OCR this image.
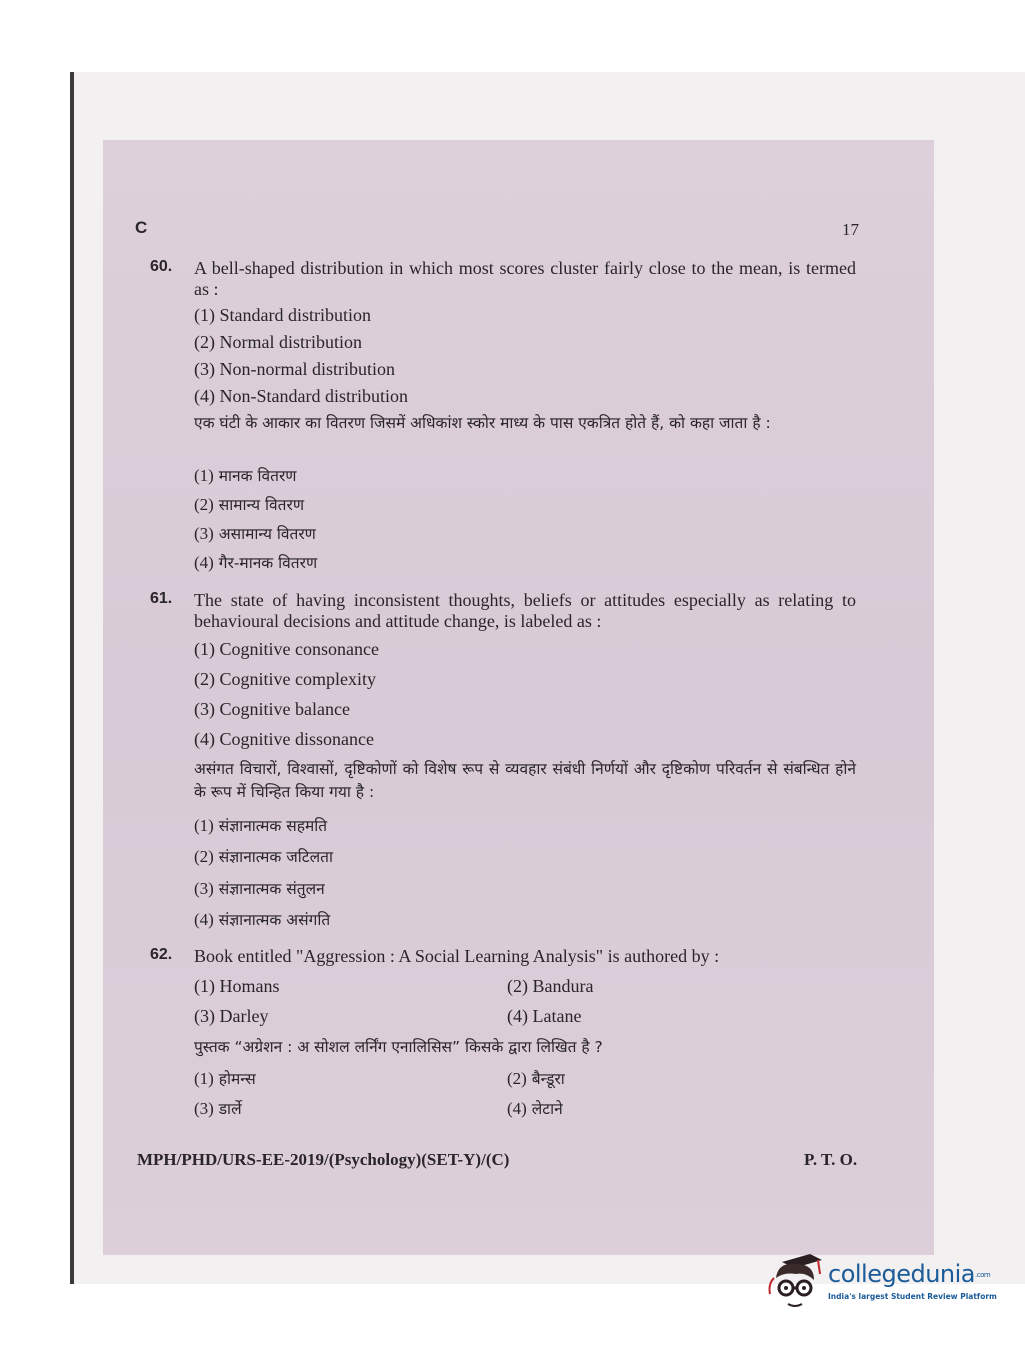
C	17
60. A bell-shaped distribution in which most scores cluster fairly close to the mean, is termed as :
(1) Standard distribution
(2) Normal distribution
(3) Non-normal distribution
(4) Non-Standard distribution
एक घंटी के आकार का वितरण जिसमें अधिकांश स्कोर माध्य के पास एकत्रित होते हैं, को कहा जाता है :
(1) मानक वितरण
(2) सामान्य वितरण
(3) असामान्य वितरण
(4) गैर-मानक वितरण
61. The state of having inconsistent thoughts, beliefs or attitudes especially as relating to behavioural decisions and attitude change, is labeled as :
(1) Cognitive consonance
(2) Cognitive complexity
(3) Cognitive balance
(4) Cognitive dissonance
असंगत विचारों, विश्वासों, दृष्टिकोणों को विशेष रूप से व्यवहार संबंधी निर्णयों और दृष्टिकोण परिवर्तन से संबन्धित होने के रूप में चिन्हित किया गया है :
(1) संज्ञानात्मक सहमति
(2) संज्ञानात्मक जटिलता
(3) संज्ञानात्मक संतुलन
(4) संज्ञानात्मक असंगति
62. Book entitled "Aggression : A Social Learning Analysis" is authored by :
(1) Homans	(2) Bandura
(3) Darley	(4) Latane
पुस्तक “अग्रेशन : अ सोशल लर्निंग एनालिसिस” किसके द्वारा लिखित है ?
(1) होमन्स	(2) बैन्डूरा
(3) डार्ले	(4) लेटाने
MPH/PHD/URS-EE-2019/(Psychology)(SET-Y)/(C)	P. T. O.
collegedunia.com
India's largest Student Review Platform
